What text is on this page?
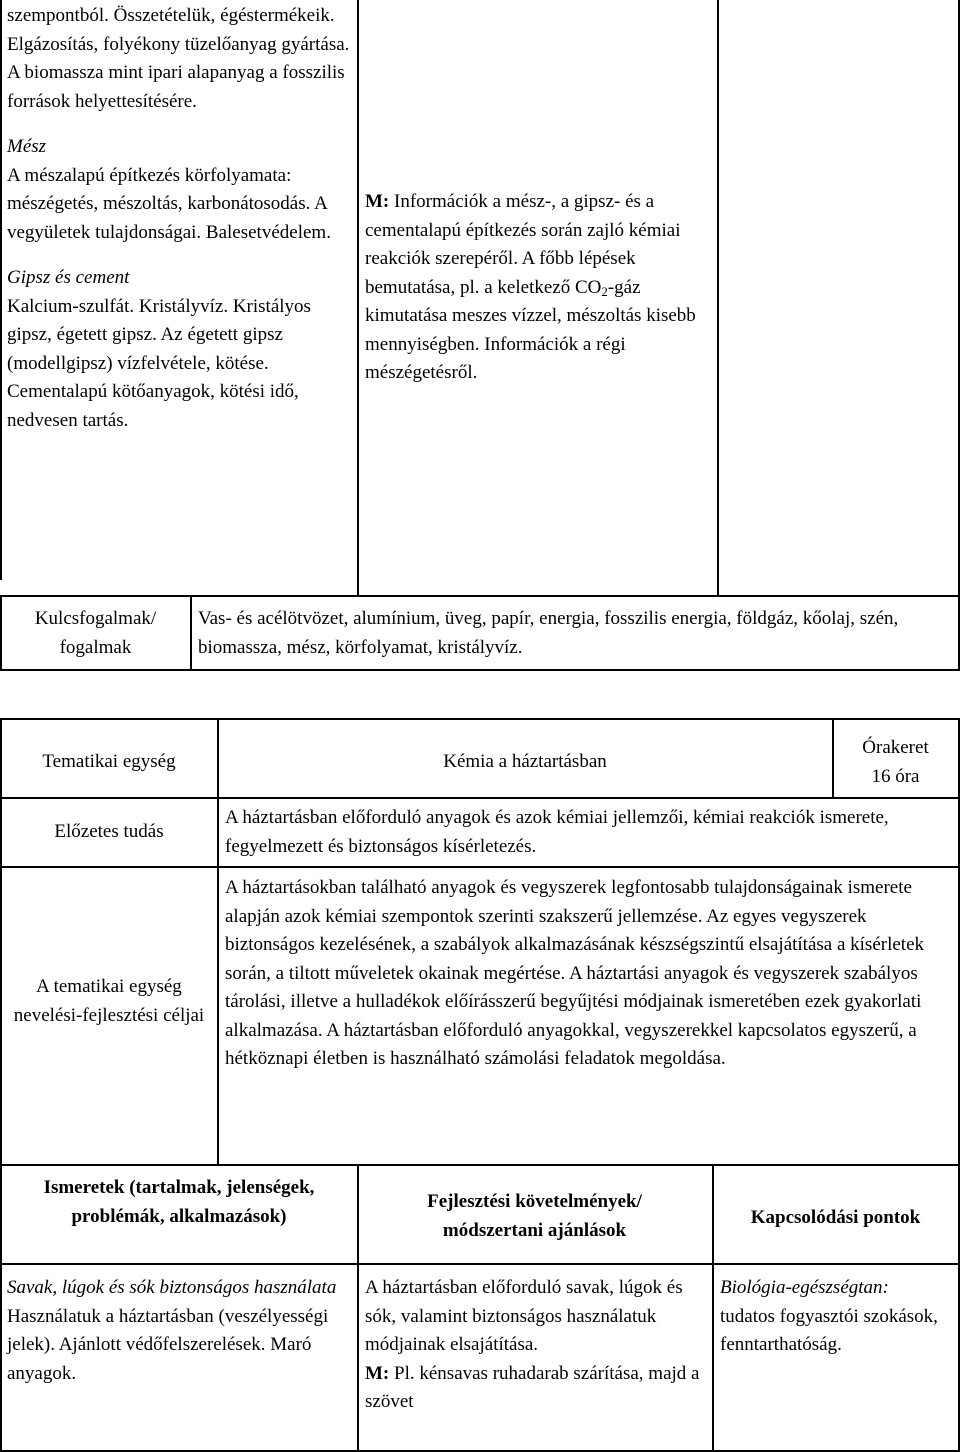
szempontból. Összetételük, égéstermékeik. Elgázosítás, folyékony tüzelőanyag gyártása. A biomassza mint ipari alapanyag a fosszilis források helyettesítésére.

Mész

A mészalapú építkezés körfolyamata: mészégetés, mészoltás, karbonátosodás. A vegyületek tulajdonságai. Balesetvédelem.

Gipsz és cement

Kalcium-szulfát. Kristályvíz. Kristályos gipsz, égetett gipsz. Az égetett gipsz (modellgipsz) vízfelvétele, kötése. Cementalapú kötőanyagok, kötési idő, nedvesen tartás.

M: Információk a mész-, a gipsz- és a cementalapú építkezés során zajló kémiai reakciók szerepéről. A főbb lépések bemutatása, pl. a keletkező $CO_2$-gáz kimutatása meszes vízzel, mészoltás kisebb mennyiségben. Információk a régi mészégetésről.

Kulcsfogalmak/
fogalmak
Vas- és acélötvözet, alumínium, üveg, papír, energia, fosszilis energia, földgáz, kőolaj, szén, biomassza, mész, körfolyamat, kristályvíz.
Tematikai egység	Kémia a háztartásban
Órakeret
16 óra
Előzetes tudás
A háztartásban előforduló anyagok és azok kémiai jellemzői, kémiai reakciók ismerete, fegyelmezett és biztonságos kísérletezés.
A tematikai egység nevelési-fejlesztési céljai
A háztartásokban található anyagok és vegyszerek legfontosabb tulajdonságainak ismerete alapján azok kémiai szempontok szerinti szakszerű jellemzése. Az egyes vegyszerek biztonságos kezelésének, a szabályok alkalmazásának készségszintű elsajátítása a kísérletek során, a tiltott műveletek okainak megértése. A háztartási anyagok és vegyszerek szabályos tárolási, illetve a hulladékok előírásszerű begyűjtési módjainak ismeretében ezek gyakorlati alkalmazása. A háztartásban előforduló anyagokkal, vegyszerekkel kapcsolatos egyszerű, a hétköznapi életben is használható számolási feladatok megoldása.
Ismeretek (tartalmak, jelenségek, problémák, alkalmazások)
Fejlesztési követelmények/ módszertani ajánlások
Kapcsolódási pontok

Savak, lúgok és sók biztonságos használata

Használatuk a háztartásban (veszélyességi jelek). Ajánlott védőfelszerelések. Maró anyagok.

A háztartásban előforduló savak, lúgok és sók, valamint biztonságos használatuk módjainak elsajátítása.

M: Pl. kénsavas ruhadarab szárítása, majd a szövet

Biológia-egészségtan:

tudatos fogyasztói szokások, fenntarthatóság.
